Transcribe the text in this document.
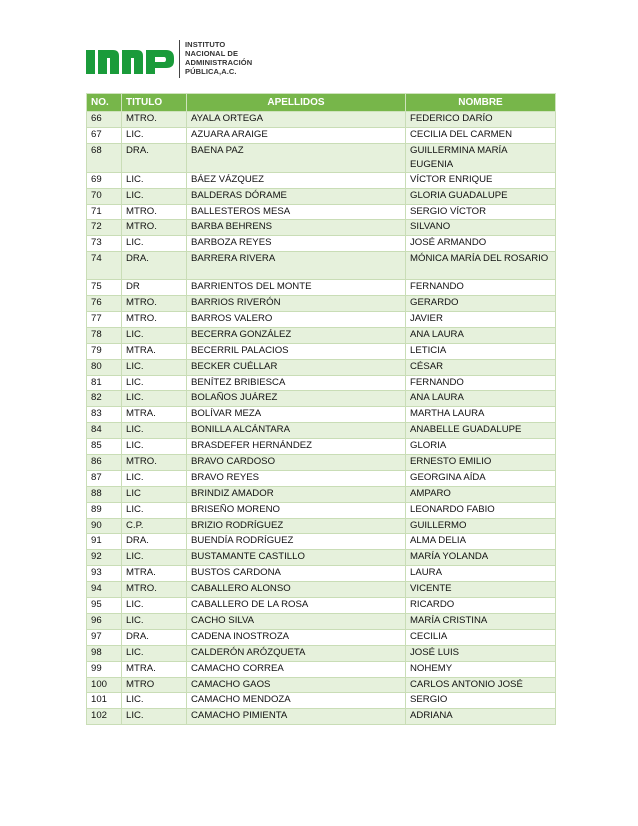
INSTITUTO
NACIONAL DE
ADMINISTRACIÓN
PÚBLICA,A.C.
NO.	TITULO	APELLIDOS	NOMBRE
66	MTRO.	AYALA ORTEGA	FEDERICO DARÍO
67	LIC.	AZUARA ARAIGE	CECILIA DEL CARMEN
68	DRA.	BAENA PAZ	GUILLERMINA MARÍA EUGENIA
69	LIC.	BÁEZ VÁZQUEZ	VÍCTOR ENRIQUE
70	LIC.	BALDERAS DÓRAME	GLORIA GUADALUPE
71	MTRO.	BALLESTEROS MESA	SERGIO VÍCTOR
72	MTRO.	BARBA BEHRENS	SILVANO
73	LIC.	BARBOZA REYES	JOSÉ ARMANDO
74	DRA.	BARRERA RIVERA	MÓNICA MARÍA DEL ROSARIO
75	DR	BARRIENTOS DEL MONTE	FERNANDO
76	MTRO.	BARRIOS RIVERÓN	GERARDO
77	MTRO.	BARROS VALERO	JAVIER
78	LIC.	BECERRA GONZÁLEZ	ANA LAURA
79	MTRA.	BECERRIL PALACIOS	LETICIA
80	LIC.	BECKER CUÉLLAR	CÉSAR
81	LIC.	BENÍTEZ BRIBIESCA	FERNANDO
82	LIC.	BOLAÑOS JUÁREZ	ANA LAURA
83	MTRA.	BOLÍVAR MEZA	MARTHA LAURA
84	LIC.	BONILLA ALCÁNTARA	ANABELLE GUADALUPE
85	LIC.	BRASDEFER HERNÁNDEZ	GLORIA
86	MTRO.	BRAVO CARDOSO	ERNESTO EMILIO
87	LIC.	BRAVO REYES	GEORGINA AÍDA
88	LIC	BRINDIZ AMADOR	AMPARO
89	LIC.	BRISEÑO MORENO	LEONARDO FABIO
90	C.P.	BRIZIO RODRÍGUEZ	GUILLERMO
91	DRA.	BUENDÍA RODRÍGUEZ	ALMA DELIA
92	LIC.	BUSTAMANTE CASTILLO	MARÍA YOLANDA
93	MTRA.	BUSTOS CARDONA	LAURA
94	MTRO.	CABALLERO ALONSO	VICENTE
95	LIC.	CABALLERO DE LA ROSA	RICARDO
96	LIC.	CACHO SILVA	MARÍA CRISTINA
97	DRA.	CADENA INOSTROZA	CECILIA
98	LIC.	CALDERÓN ARÓZQUETA	JOSÉ LUIS
99	MTRA.	CAMACHO CORREA	NOHEMY
100	MTRO	CAMACHO GAOS	CARLOS ANTONIO JOSÉ
101	LIC.	CAMACHO MENDOZA	SERGIO
102	LIC.	CAMACHO PIMIENTA	ADRIANA
